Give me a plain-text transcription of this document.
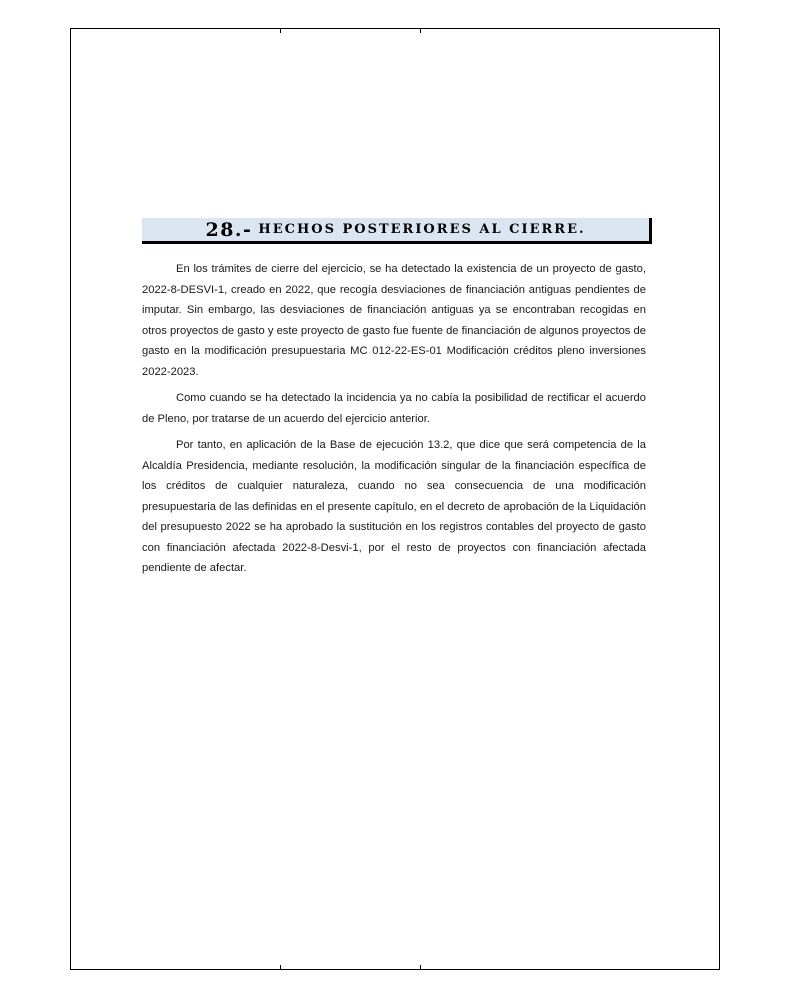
28.- HECHOS POSTERIORES AL CIERRE.

En los trámites de cierre del ejercicio, se ha detectado la existencia de un proyecto de gasto, 2022-8-DESVI-1, creado en 2022, que recogía desviaciones de financiación antiguas pendientes de imputar. Sin embargo, las desviaciones de financiación antiguas ya se encontraban recogidas en otros proyectos de gasto y este proyecto de gasto fue fuente de financiación de algunos proyectos de gasto en la modificación presupuestaria MC 012-22-ES-01 Modificación créditos pleno inversiones 2022-2023.

Como cuando se ha detectado la incidencia ya no cabía la posibilidad de rectificar el acuerdo de Pleno, por tratarse de un acuerdo del ejercicio anterior.

Por tanto, en aplicación de la Base de ejecución 13.2, que dice que será competencia de la Alcaldía Presidencia, mediante resolución, la modificación singular de la financiación específica de los créditos de cualquier naturaleza, cuando no sea consecuencia de una modificación presupuestaria de las definidas en el presente capítulo, en el decreto de aprobación de la Liquidación del presupuesto 2022 se ha aprobado la sustitución en los registros contables del proyecto de gasto con financiación afectada 2022-8-Desvi-1, por el resto de proyectos con financiación afectada pendiente de afectar.
